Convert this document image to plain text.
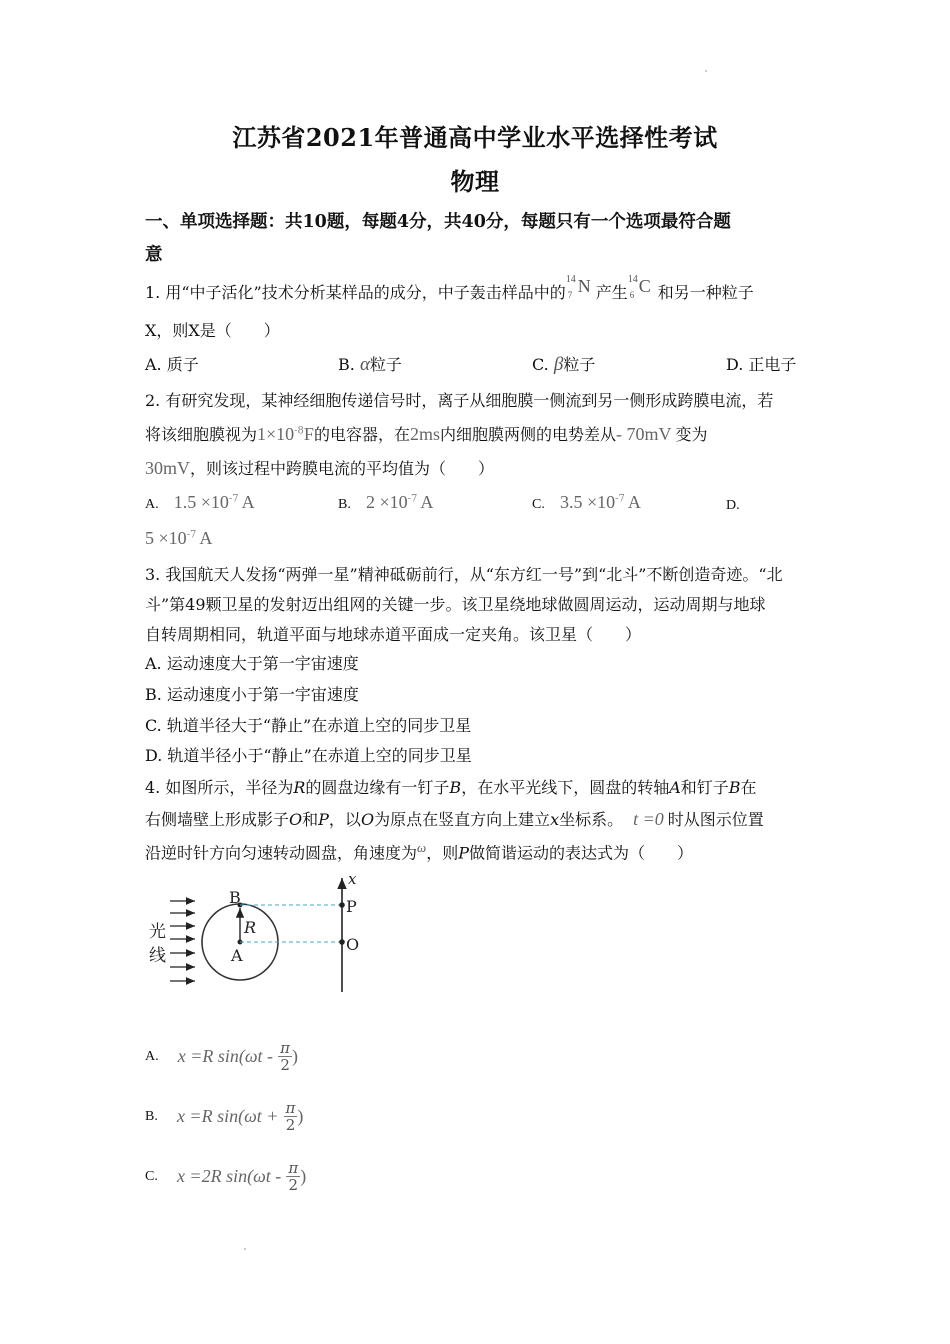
江苏省2021年普通高中学业水平选择性考试
物理
一、单项选择题：共10题，每题4分，共40分，每题只有一个选项最符合题
意
1. 用“中子活化”技术分析某样品的成分，中子轰击样品中的
14
7 N 产生
14
6 C 和另一种粒子
X，则X是（　　）
A. 质子	B. α粒子	C. β粒子	D. 正电子
2. 有研究发现，某神经细胞传递信号时，离子从细胞膜一侧流到另一侧形成跨膜电流，若
将该细胞膜视为$1\times 10^{-8}F$的电容器，在2ms内细胞膜两侧的电势差从- 70mV 变为
30mV，则该过程中跨膜电流的平均值为（　　）
A. $1.5 \times 10^{-7}$ A	B. $2 \times 10^{-7}$ A	C. $3.5 \times 10^{-7}$ A	D.
$5 \times 10^{-7}$ A
3. 我国航天人发扬“两弹一星”精神砥砺前行，从“东方红一号”到“北斗”不断创造奇迹。“北
斗”第49颗卫星的发射迈出组网的关键一步。该卫星绕地球做圆周运动，运动周期与地球
自转周期相同，轨道平面与地球赤道平面成一定夹角。该卫星（　　）
A. 运动速度大于第一宇宙速度
B. 运动速度小于第一宇宙速度
C. 轨道半径大于“静止”在赤道上空的同步卫星
D. 轨道半径小于“静止”在赤道上空的同步卫星
4. 如图所示，半径为R的圆盘边缘有一钉子B，在水平光线下，圆盘的转轴A和钉子B在
右侧墙壁上形成影子O和P，以O为原点在竖直方向上建立x坐标系。 t =0 时从图示位置
沿逆时针方向匀速转动圆盘，角速度为$^\omega$，则P做简谐运动的表达式为（　　）
光
线
B
R
A
P
O
x
A. x =R $\sin(\omega t - \frac{\pi}{2}$ )
B. x =R $\sin(\omega t + \frac{\pi}{2}$ )
C. x =2R $\sin(\omega t - \frac{\pi}{2}$ )
